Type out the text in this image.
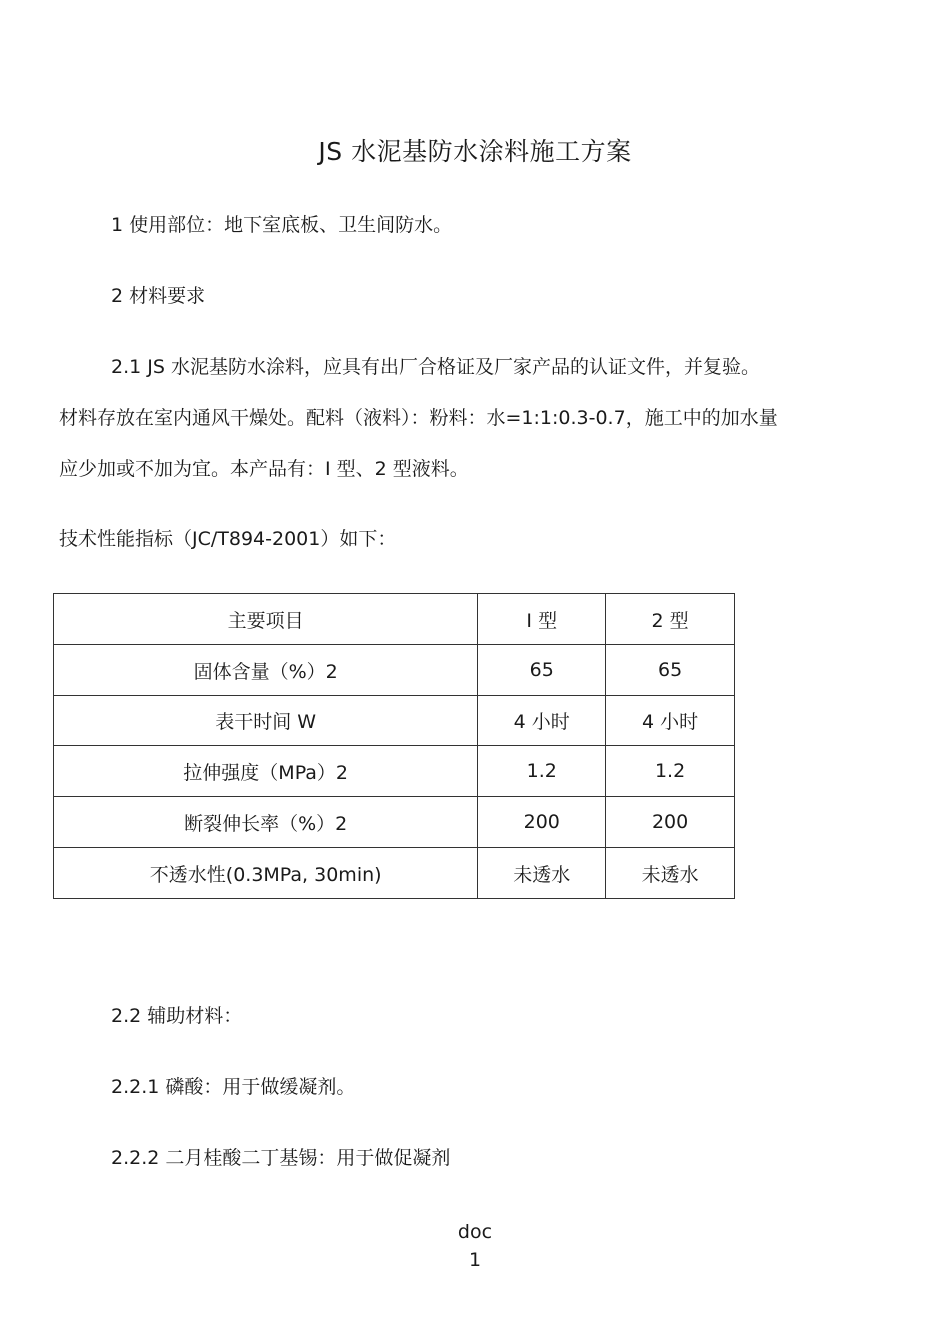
JS 水泥基防水涂料施工方案
1 使用部位：地下室底板、卫生间防水。
2 材料要求
2.1 JS 水泥基防水涂料，应具有出厂合格证及厂家产品的认证文件，并复验。
材料存放在室内通风干燥处。配料（液料）：粉料：水=1:1:0.3-0.7，施工中的加水量
应少加或不加为宜。本产品有：I 型、2 型液料。
技术性能指标（JC/T894-2001）如下：
主要项目	I 型	2 型
固体含量（%）2	65	65
表干时间 W	4 小时	4 小时
拉伸强度（MPa）2	1.2	1.2
断裂伸长率（%）2	200	200
不透水性(0.3MPa, 30min)	未透水	未透水
2.2 辅助材料：
2.2.1 磷酸：用于做缓凝剂。
2.2.2 二月桂酸二丁基锡：用于做促凝剂
doc
1
